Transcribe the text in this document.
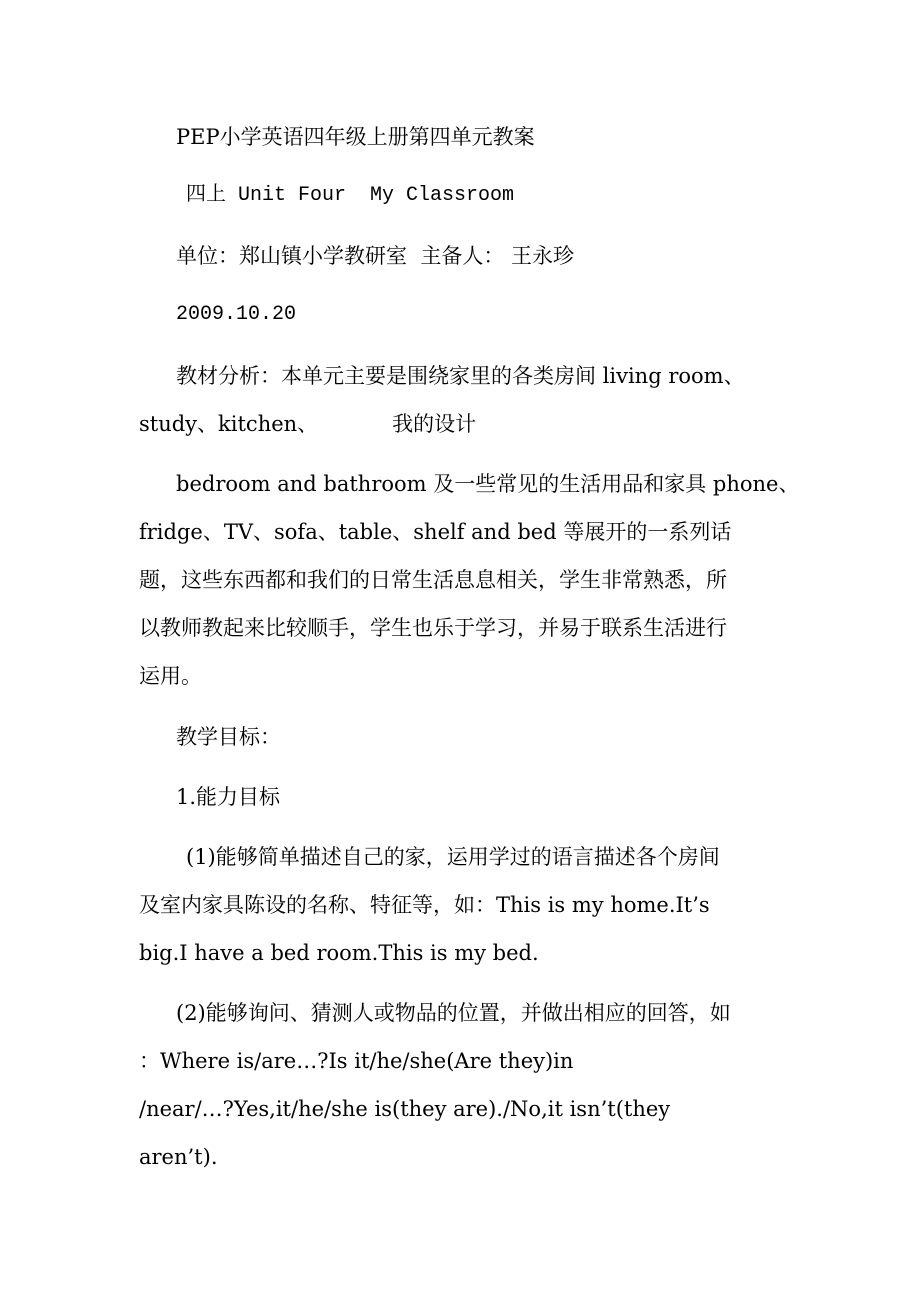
PEP小学英语四年级上册第四单元教案
四上 Unit Four  My Classroom
单位：郑山镇小学教研室 主备人： 王永珍
2009.10.20
教材分析：本单元主要是围绕家里的各类房间 living room、
study、kitchen、	我的设计
bedroom and bathroom 及一些常见的生活用品和家具 phone、
fridge、TV、sofa、table、shelf and bed 等展开的一系列话
题，这些东西都和我们的日常生活息息相关，学生非常熟悉，所
以教师教起来比较顺手，学生也乐于学习，并易于联系生活进行
运用。
教学目标：
1.能力目标
(1)能够简单描述自己的家，运用学过的语言描述各个房间
及室内家具陈设的名称、特征等，如：This is my home.It’s
big.I have a bed room.This is my bed.
(2)能够询问、猜测人或物品的位置，并做出相应的回答，如
：Where is/are…?Is it/he/she(Are they)in
/near/…?Yes,it/he/she is(they are)./No,it isn’t(they
aren’t).
